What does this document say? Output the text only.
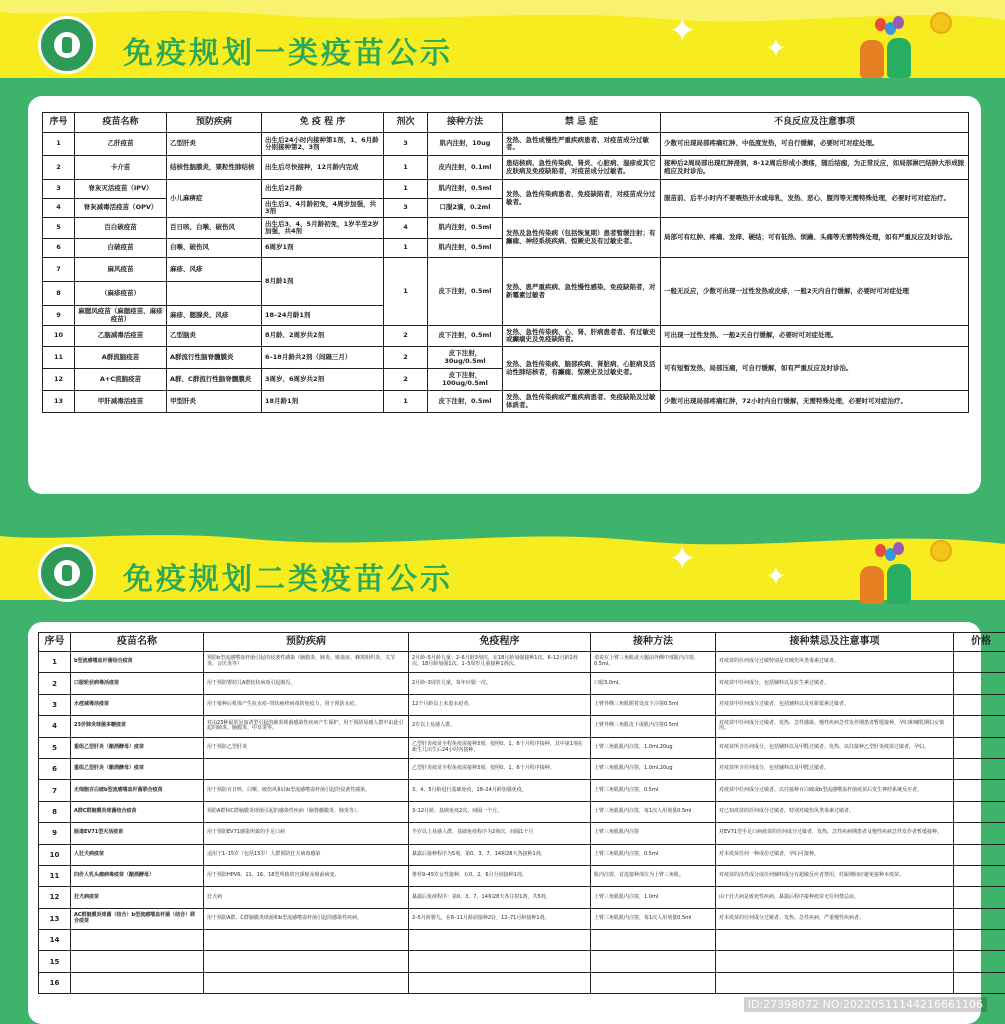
免疫规划一类疫苗公示
✦	✦
序号	疫苗名称	预防疾病	免 疫 程 序	剂次	接种方法	禁 忌 症	不良反应及注意事项
1	乙肝疫苗	乙型肝炎	出生后24小时内接种第1剂，1、6月龄分别接种第2、3剂	3	肌内注射，10ug	发热、急性或慢性严重疾病患者、对疫苗成分过敏者。	少数可出现局部疼痛红肿、中低度发热，可自行缓解，必要时可对症处理。
2	卡介苗	结核性脑膜炎，粟粒性肺结核	出生后尽快接种，12月龄内完成	1	皮内注射，0.1ml	患结核病、急性传染病、肾炎、心脏病、湿疹或其它皮肤病及免疫缺陷者，对疫苗成分过敏者。	接种后2周局部出现红肿浸润，8-12周后形成小溃疡，随后结痂，为正常反应，如局部淋巴结肿大形成脓疱应及时诊治。
3	脊灰灭活疫苗（IPV）	小儿麻痹症	出生后2月龄	1	肌内注射，0.5ml	发热、急性传染病患者、免疫缺陷者，对疫苗成分过敏者。	服苗前、后半小时内不要喂热开水或母乳，发热、恶心、腹泻等无需特殊处理，必要时可对症治疗。
4	脊灰减毒活疫苗（OPV）		出生后3、4月龄初免，4周岁加强，共3剂	3	口服2滴，0.2ml		
5	百白破疫苗	百日咳、白喉、破伤风	出生后3、4、5月龄初免，1岁半至2岁加强，共4剂	4	肌内注射，0.5ml	发热及急性传染病（包括恢复期）患者暂缓注射；有癫痫、神经系统疾病、惊厥史及有过敏史者。	局部可有红肿、疼痛、发痒、硬结；可有低热、烦躁、头痛等无需特殊处理，如有严重反应及时诊治。
6	白破疫苗	白喉、破伤风	6周岁1剂	1	肌内注射，0.5ml		
7	麻风疫苗	麻疹、风疹	8月龄1剂	1	皮下注射，0.5ml	发热、患严重疾病、急性慢性感染、免疫缺陷者，对新霉素过敏者	一般无反应，少数可出现一过性发热或皮疹，一般2天内自行缓解，必要时可对症处理
8	（麻疹疫苗）						
9	麻腮风疫苗（麻腮疫苗、麻疹疫苗）	麻疹、腮腺炎、风疹	18–24月龄1剂				
10	乙脑减毒活疫苗	乙型脑炎	8月龄、2周岁共2剂	2	皮下注射，0.5ml	发热、急性传染病、心、肾、肝病患者者、有过敏史或癫痫史及免疫缺陷者。	可出现一过性发热、一般2天自行缓解，必要时可对症处理。
11	A群流脑疫苗	A群流行性脑脊髓膜炎	6–18月龄共2剂（间隔三月）	2	皮下注射，30ug/0.5ml	发热、急性传染病、脑部疾病、肾脏病、心脏病及活动性肺结核者，有癫痫、惊厥史及过敏史者。	可有短暂发热、局部压痛，可自行缓解，如有严重反应及时诊治。
12	A+C流脑疫苗	A群、C群流行性脑脊髓膜炎	3周岁、6周岁共2剂	2	皮下注射，100ug/0.5ml		
13	甲肝减毒活疫苗	甲型肝炎	18月龄1剂	1	皮下注射，0.5ml	发热、急性传染病或严重疾病患者、免疫缺陷及过敏体质者。	少数可出现局部疼痛红肿，72小时内自行缓解，无需特殊处理，必要时可对症治疗。
免疫规划二类疫苗公示
✦	✦
序号	疫苗名称	预防疾病	免疫程序	接种方法	接种禁忌及注意事项	价格
1	b型流感嗜血杆菌结合疫苗	预防b型流感嗜血杆菌引起的侵袭性感染（脑膜炎、肺炎、败血症、蜂窝组织炎、关节炎、会厌炎等）	2月龄–5月龄儿童：2–6月龄3剂次，在18月龄加强接种1次。6–12月龄2剂次，18月龄加强1次。1–5周岁儿童接种1剂次。	请说在上臂三角肌或大腿前外侧中部肌内注射，0.5ml。	对疫苗的任何成分过敏特别是对破伤风类毒素过敏者。	
2	口服轮状病毒活疫苗	用于预防婴幼儿A群轮状病毒引起腹泻。	2月龄–3周岁儿童，每年应服一次。	口服3.0ml。	对疫苗中任何成分，包括辅料以及抗生素过敏者。	
3	水痘减毒活疫苗	用于接种后机体产生抗水痘–带状疱疹病毒的免疫力，用于预防水痘。	12个月龄以上未患水痘者。	上臂外侧三角肌附着处皮下注射0.5ml	对疫苗中任何成分过敏者，包括辅料以及对新霉素过敏者。	
4	23价肺炎球菌多糖疫苗	对由23种最常见血清型引起的肺炎球菌感染性疾病产生保护，用于预防易感人群中由此引起的肺炎、脑膜炎、中耳炎等。	2岁以上易感人群。	上臂外侧三角肌皮下或肌内注射0.5ml	对疫苗中任何成分过敏者、发热、急性感染、慢性疾病急性发作期患者暂缓接种，孕妇和哺乳期妇女慎用。	
5	重组乙型肝炎（酿酒酵母）疫苗	用于预防乙型肝炎	乙型肝炎疫苗全程免疫需接种3剂，按照0、1、6个月程序接种，其中第1剂在新生儿出生后24小时内接种。	上臂三角肌肌内注射，1.0ml,20ug	对疫苗所含任何成分，包括辅料以及甲醛过敏者、发热、以往接种乙型肝炎疫苗过敏者、孕妇。	
6	重组乙型肝炎（酿酒酵母）疫苗		乙型肝炎疫苗全程免疫需接种3剂，按照0、1、6个月程序接种。	上臂三角肌肌内注射，1.0ml,20ug	对疫苗所含任何成分，包括辅料以及甲醛过敏者。	
7	无细胞百白破b型流感嗜血杆菌联合疫苗	用于预防百日咳、白喉、破伤风和由b型流感嗜血杆菌引起的侵袭性感染。	3、4、5月龄进行基础免疫，18–24月龄加强免疫。	上臂三角肌肌内注射，0.5ml	对疫苗中任何成分过敏者、以往接种百白破或b型流感嗜血杆菌疫苗后发生神经系统反应者。	
8	A群C群脑膜炎球菌结合疫苗	预防A群和C群脑膜炎球菌引起的感染性疾病（脑脊髓膜炎、肺炎等）。	3–12月龄，基础免疫2次，间隔一个月。	上臂三角肌肌内注射，每1次人用剂量0.5ml	对已知疫苗的任何成分过敏者，特别对破伤风类毒素过敏者。	
9	肠道EV71型灭活疫苗	用于预防EV71感染所致的手足口病	半岁以上易感人群，基础免疫程序为2剂次，间隔1个月	上臂三角肌肌内注射	对EV71型手足口病疫苗的任何成分过敏者、发热、急性疾病期患者及慢性疾病急性发作者暂缓接种。	
10	人狂犬病疫苗	适用于1–15岁（包括15岁）人群预防狂犬病毒感染	暴露后接种程序为5剂，第0、3、7、14和28天各接种1剂。	上臂三角肌肌内注射，0.5ml	对本疫苗任何一种成份过敏者，孕妇可接种。	
11	四价人乳头瘤病毒疫苗（酿酒酵母）	用于预防HPV6、11、16、18型所致的宫颈癌及癌前病变。	推荐9–45岁女性接种，在0、2、6月分别接种1剂。	肌内注射，首选接种部位为上臂三角肌。	对疫苗的活性成分或任何辅料成分有超敏反应者禁用，妊娠期间应避免接种本疫苗。	
12	狂犬病疫苗	狂犬病	暴露后免疫程序：第0、3、7、14和28天各注射1剂，共5剂。	上臂三角肌肌内注射，1.0ml	由于狂犬病是致死性疾病，暴露后程序接种疫苗无任何禁忌症。	
13	AC群脑膜炎球菌（结合）b型流感嗜血杆菌（结合）联合疫苗	用于预防A群、C群脑膜炎球菌和b型流感嗜血杆菌引起的感染性疾病。	2–5月龄婴儿，在6–11月龄前接种2针，12–71月龄接种1剂。	上臂三角肌肌内注射，每1次人用剂量0.5ml	对本疫苗的任何成分过敏者、发热、急性疾病、严重慢性疾病者。	
14						
15						
16						
昵图网 www.nipic.com	ID:27398072 NO:20220511144216661106
